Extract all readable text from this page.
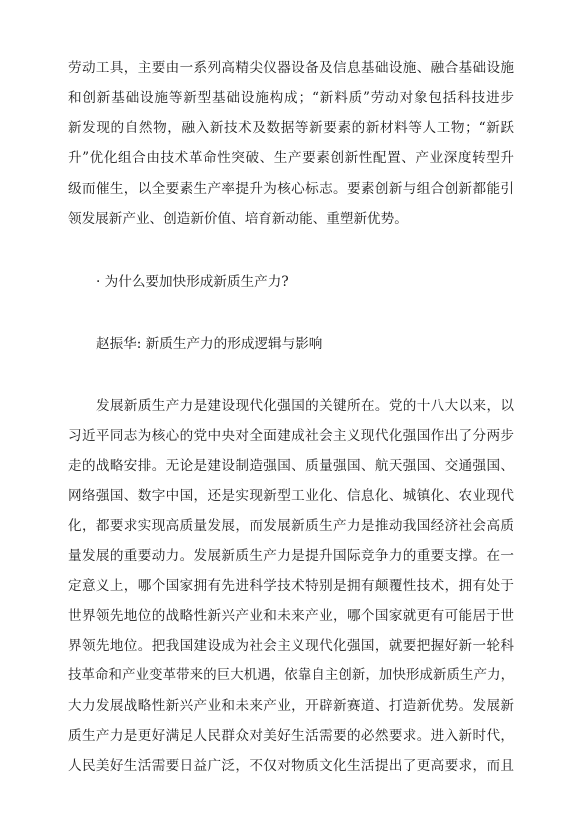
劳动工具，主要由一系列高精尖仪器设备及信息基础设施、融合基础设施
和创新基础设施等新型基础设施构成；“新料质”劳动对象包括科技进步
新发现的自然物，融入新技术及数据等新要素的新材料等人工物；“新跃
升”优化组合由技术革命性突破、生产要素创新性配置、产业深度转型升
级而催生，以全要素生产率提升为核心标志。要素创新与组合创新都能引
领发展新产业、创造新价值、培育新动能、重塑新优势。
· 为什么要加快形成新质生产力?
赵振华: 新质生产力的形成逻辑与影响
发展新质生产力是建设现代化强国的关键所在。党的十八大以来，以
习近平同志为核心的党中央对全面建成社会主义现代化强国作出了分两步
走的战略安排。无论是建设制造强国、质量强国、航天强国、交通强国、
网络强国、数字中国，还是实现新型工业化、信息化、城镇化、农业现代
化，都要求实现高质量发展，而发展新质生产力是推动我国经济社会高质
量发展的重要动力。发展新质生产力是提升国际竞争力的重要支撑。在一
定意义上，哪个国家拥有先进科学技术特别是拥有颠覆性技术，拥有处于
世界领先地位的战略性新兴产业和未来产业，哪个国家就更有可能居于世
界领先地位。把我国建设成为社会主义现代化强国，就要把握好新一轮科
技革命和产业变革带来的巨大机遇，依靠自主创新，加快形成新质生产力，
大力发展战略性新兴产业和未来产业，开辟新赛道、打造新优势。发展新
质生产力是更好满足人民群众对美好生活需要的必然要求。进入新时代，
人民美好生活需要日益广泛，不仅对物质文化生活提出了更高要求，而且
